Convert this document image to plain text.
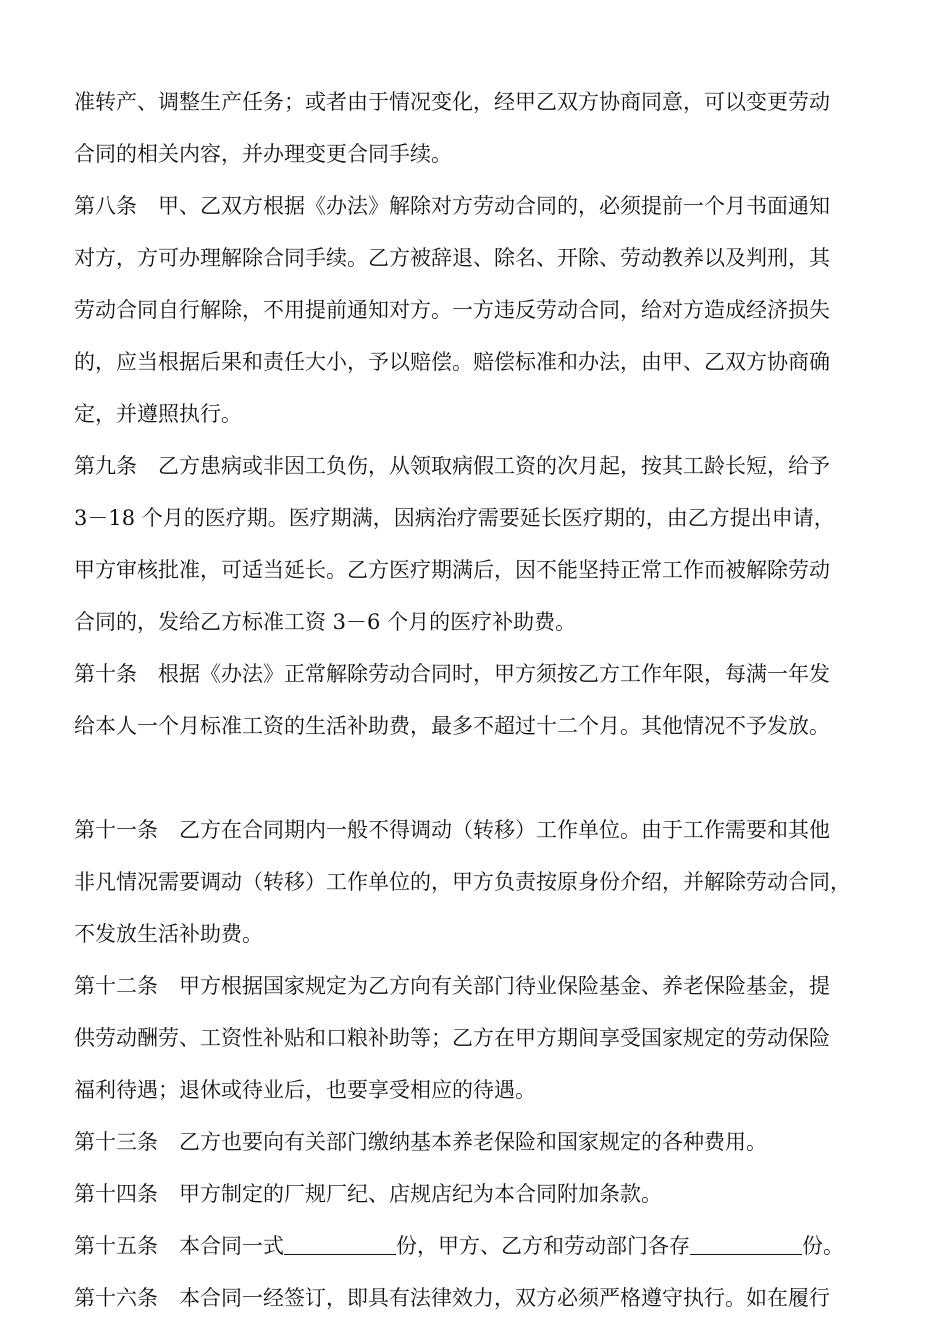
准转产、调整生产任务；或者由于情况变化，经甲乙双方协商同意，可以变更劳动

合同的相关内容，并办理变更合同手续。

第八条　甲、乙双方根据《办法》解除对方劳动合同的，必须提前一个月书面通知

对方，方可办理解除合同手续。乙方被辞退、除名、开除、劳动教养以及判刑，其

劳动合同自行解除，不用提前通知对方。一方违反劳动合同，给对方造成经济损失

的，应当根据后果和责任大小，予以赔偿。赔偿标准和办法，由甲、乙双方协商确

定，并遵照执行。

第九条　乙方患病或非因工负伤，从领取病假工资的次月起，按其工龄长短，给予

3－18 个月的医疗期。医疗期满，因病治疗需要延长医疗期的，由乙方提出申请，

甲方审核批准，可适当延长。乙方医疗期满后，因不能坚持正常工作而被解除劳动

合同的，发给乙方标准工资 3－6 个月的医疗补助费。

第十条　根据《办法》正常解除劳动合同时，甲方须按乙方工作年限，每满一年发

给本人一个月标准工资的生活补助费，最多不超过十二个月。其他情况不予发放。

第十一条　乙方在合同期内一般不得调动（转移）工作单位。由于工作需要和其他

非凡情况需要调动（转移）工作单位的，甲方负责按原身份介绍，并解除劳动合同，

不发放生活补助费。

第十二条　甲方根据国家规定为乙方向有关部门待业保险基金、养老保险基金，提

供劳动酬劳、工资性补贴和口粮补助等；乙方在甲方期间享受国家规定的劳动保险

福利待遇；退休或待业后，也要享受相应的待遇。

第十三条　乙方也要向有关部门缴纳基本养老保险和国家规定的各种费用。

第十四条　甲方制定的厂规厂纪、店规店纪为本合同附加条款。

第十五条　本合同一式	份，甲方、乙方和劳动部门各存	份。

第十六条　本合同一经签订，即具有法律效力，双方必须严格遵守执行。如在履行
